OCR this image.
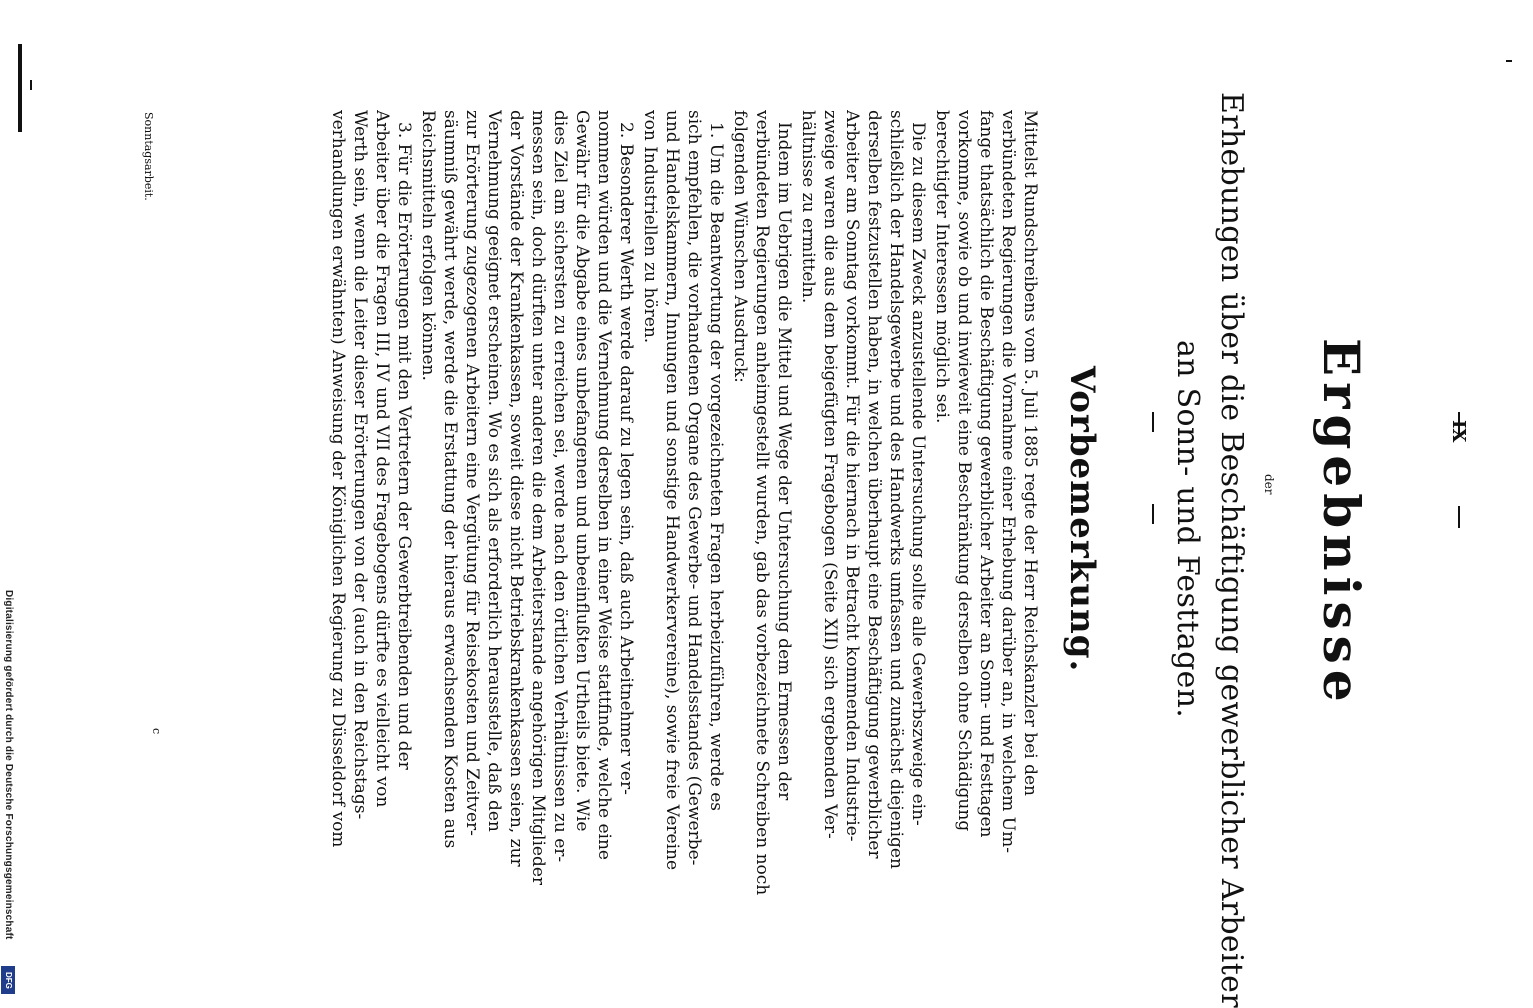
Digitalisierung gefördert durch die Deutsche Forschungsgemeinschaft
DFG
IX
Ergebnisse
der
Erhebungen über die Beschäftigung gewerblicher Arbeiter
an Sonn- und Festtagen.
Vorbemerkung.
Mittelst Rundschreibens vom 5. Juli 1885 regte der Herr Reichskanzler bei den
verbündeten Regierungen die Vornahme einer Erhebung darüber an, in welchem Um-
fange thatsächlich die Beschäftigung gewerblicher Arbeiter an Sonn- und Festtagen
vorkomme, sowie ob und inwieweit eine Beschränkung derselben ohne Schädigung
berechtigter Interessen möglich sei.
Die zu diesem Zweck anzustellende Untersuchung sollte alle Gewerbszweige ein-
schließlich der Handelsgewerbe und des Handwerks umfassen und zunächst diejenigen
derselben festzustellen haben, in welchen überhaupt eine Beschäftigung gewerblicher
Arbeiter am Sonntag vorkommt. Für die hiernach in Betracht kommenden Industrie-
zweige waren die aus dem beigefügten Fragebogen (Seite XII) sich ergebenden Ver-
hältnisse zu ermitteln.
Indem im Uebrigen die Mittel und Wege der Untersuchung dem Ermessen der
verbündeten Regierungen anheimgestellt wurden, gab das vorbezeichnete Schreiben noch
folgenden Wünschen Ausdruck:
1. Um die Beantwortung der vorgezeichneten Fragen herbeizuführen, werde es
sich empfehlen, die vorhandenen Organe des Gewerbe- und Handelsstandes (Gewerbe-
und Handelskammern, Innungen und sonstige Handwerkervereine), sowie freie Vereine
von Industriellen zu hören.
2. Besonderer Werth werde darauf zu legen sein, daß auch Arbeitnehmer ver-
nommen würden und die Vernehmung derselben in einer Weise stattfinde, welche eine
Gewähr für die Abgabe eines unbefangenen und unbeeinflußten Urtheils biete. Wie
dies Ziel am sichersten zu erreichen sei, werde nach den örtlichen Verhältnissen zu er-
messen sein, doch dürften unter anderen die dem Arbeiterstande angehörigen Mitglieder
der Vorstände der Krankenkassen, soweit diese nicht Betriebskrankenkassen seien, zur
Vernehmung geeignet erscheinen. Wo es sich als erforderlich herausstelle, daß den
zur Erörterung zugezogenen Arbeitern eine Vergütung für Reisekosten und Zeitver-
säumniß gewährt werde, werde die Erstattung der hieraus erwachsenden Kosten aus
Reichsmitteln erfolgen können.
3. Für die Erörterungen mit den Vertretern der Gewerbtreibenden und der
Arbeiter über die Fragen III, IV und VII des Fragebogens dürfte es vielleicht von
Werth sein, wenn die Leiter dieser Erörterungen von der (auch in den Reichstags-
verhandlungen erwähnten) Anweisung der Königlichen Regierung zu Düsseldorf vom
Sonntagsarbeit.
c
